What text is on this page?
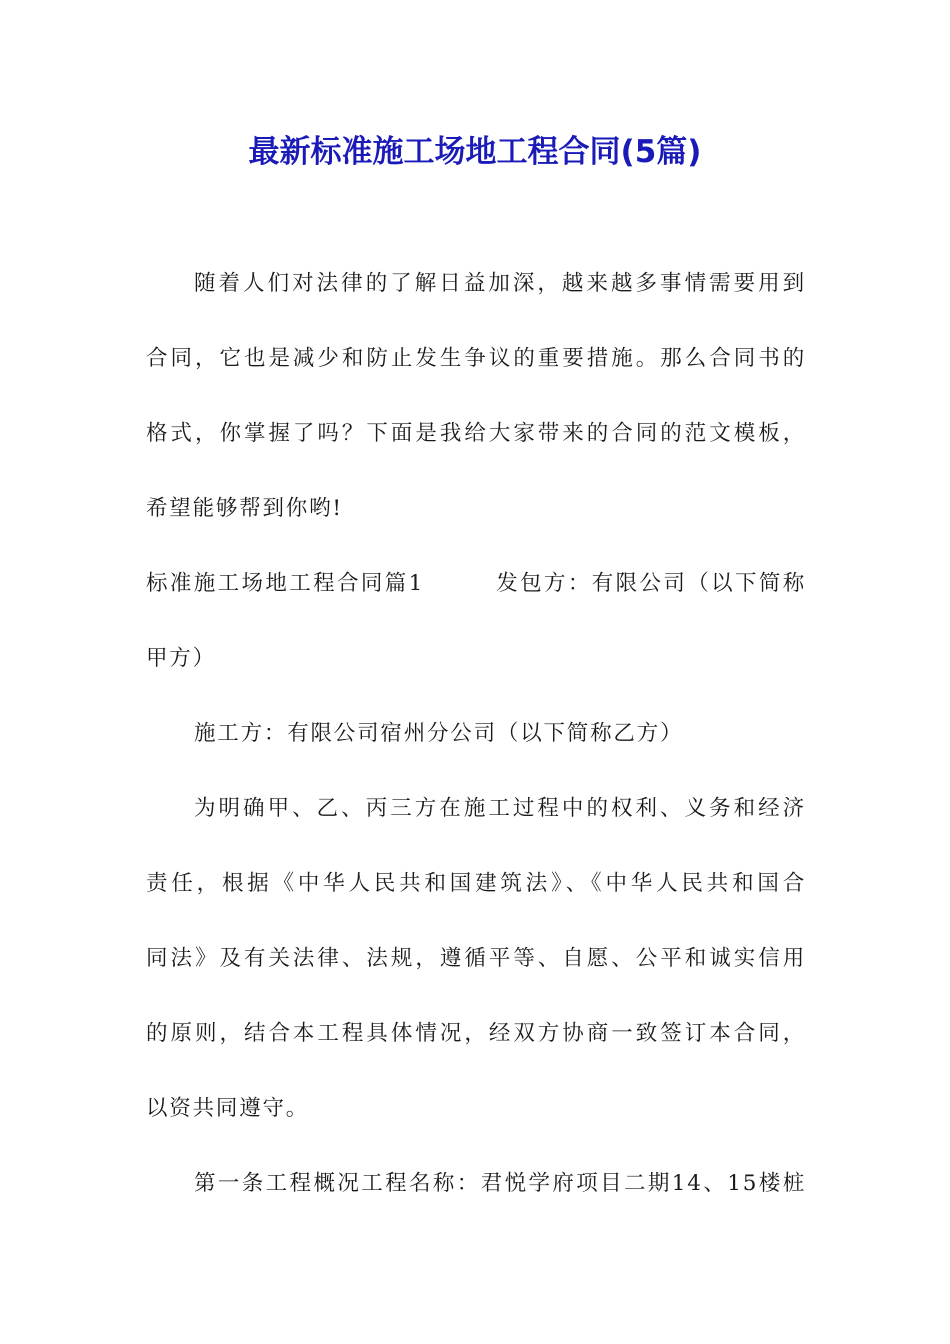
最新标准施工场地工程合同(5篇)
随着人们对法律的了解日益加深，越来越多事情需要用到
合同，它也是减少和防止发生争议的重要措施。那么合同书的
格式，你掌握了吗？下面是我给大家带来的合同的范文模板，
希望能够帮到你哟!
标准施工场地工程合同篇1　　　发包方：有限公司（以下简称
甲方）
施工方：有限公司宿州分公司（以下简称乙方）
为明确甲、乙、丙三方在施工过程中的权利、义务和经济
责任，根据《中华人民共和国建筑法》、《中华人民共和国合
同法》及有关法律、法规，遵循平等、自愿、公平和诚实信用
的原则，结合本工程具体情况，经双方协商一致签订本合同，
以资共同遵守。
第一条工程概况工程名称：君悦学府项目二期14、15楼桩
